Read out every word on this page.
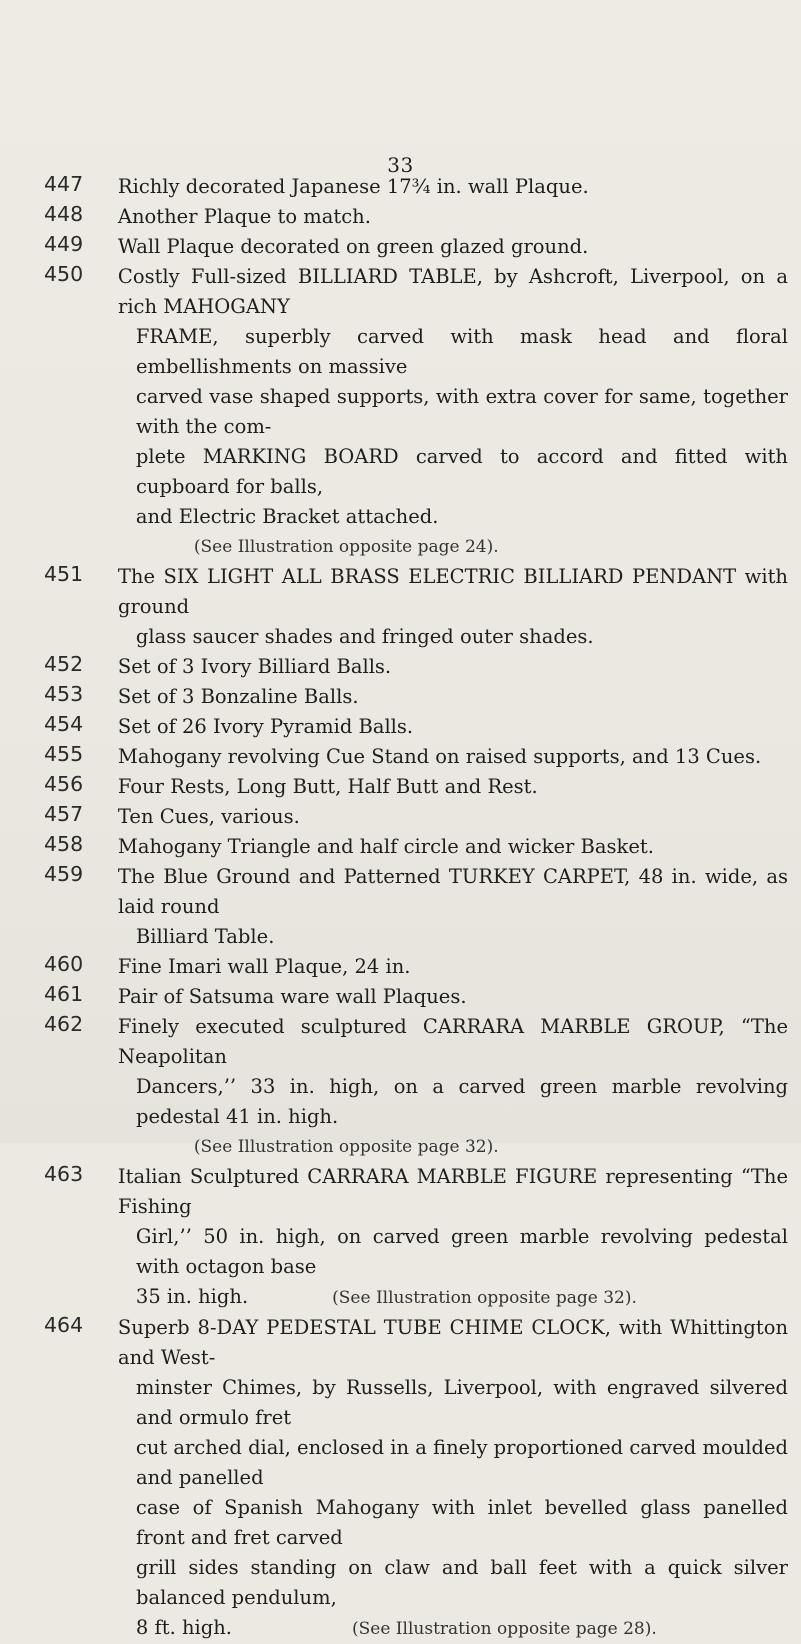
33
447	Richly decorated Japanese 17¾ in. wall Plaque.
448	Another Plaque to match.
449	Wall Plaque decorated on green glazed ground.
450	Costly Full-sized BILLIARD TABLE, by Ashcroft, Liverpool, on a rich MAHOGANY
FRAME, superbly carved with mask head and floral embellishments on massive
carved vase shaped supports, with extra cover for same, together with the com-
plete MARKING BOARD carved to accord and fitted with cupboard for balls,
and Electric Bracket attached.
(See Illustration opposite page 24).
451	The SIX LIGHT ALL BRASS ELECTRIC BILLIARD PENDANT with ground
glass saucer shades and fringed outer shades.
452	Set of 3 Ivory Billiard Balls.
453	Set of 3 Bonzaline Balls.
454	Set of 26 Ivory Pyramid Balls.
455	Mahogany revolving Cue Stand on raised supports, and 13 Cues.
456	Four Rests, Long Butt, Half Butt and Rest.
457	Ten Cues, various.
458	Mahogany Triangle and half circle and wicker Basket.
459	The Blue Ground and Patterned TURKEY CARPET, 48 in. wide, as laid round
Billiard Table.
460	Fine Imari wall Plaque, 24 in.
461	Pair of Satsuma ware wall Plaques.
462	Finely executed sculptured CARRARA MARBLE GROUP, “The Neapolitan
Dancers,’’ 33 in. high, on a carved green marble revolving pedestal 41 in. high.
(See Illustration opposite page 32).
463	Italian Sculptured CARRARA MARBLE FIGURE representing “The Fishing
Girl,’’ 50 in. high, on carved green marble revolving pedestal with octagon base
35 in. high.	(See Illustration opposite page 32).
464	Superb 8-DAY PEDESTAL TUBE CHIME CLOCK, with Whittington and West-
minster Chimes, by Russells, Liverpool, with engraved silvered and ormulo fret
cut arched dial, enclosed in a finely proportioned carved moulded and panelled
case of Spanish Mahogany with inlet bevelled glass panelled front and fret carved
grill sides standing on claw and ball feet with a quick silver balanced pendulum,
8 ft. high.	(See Illustration opposite page 28).
